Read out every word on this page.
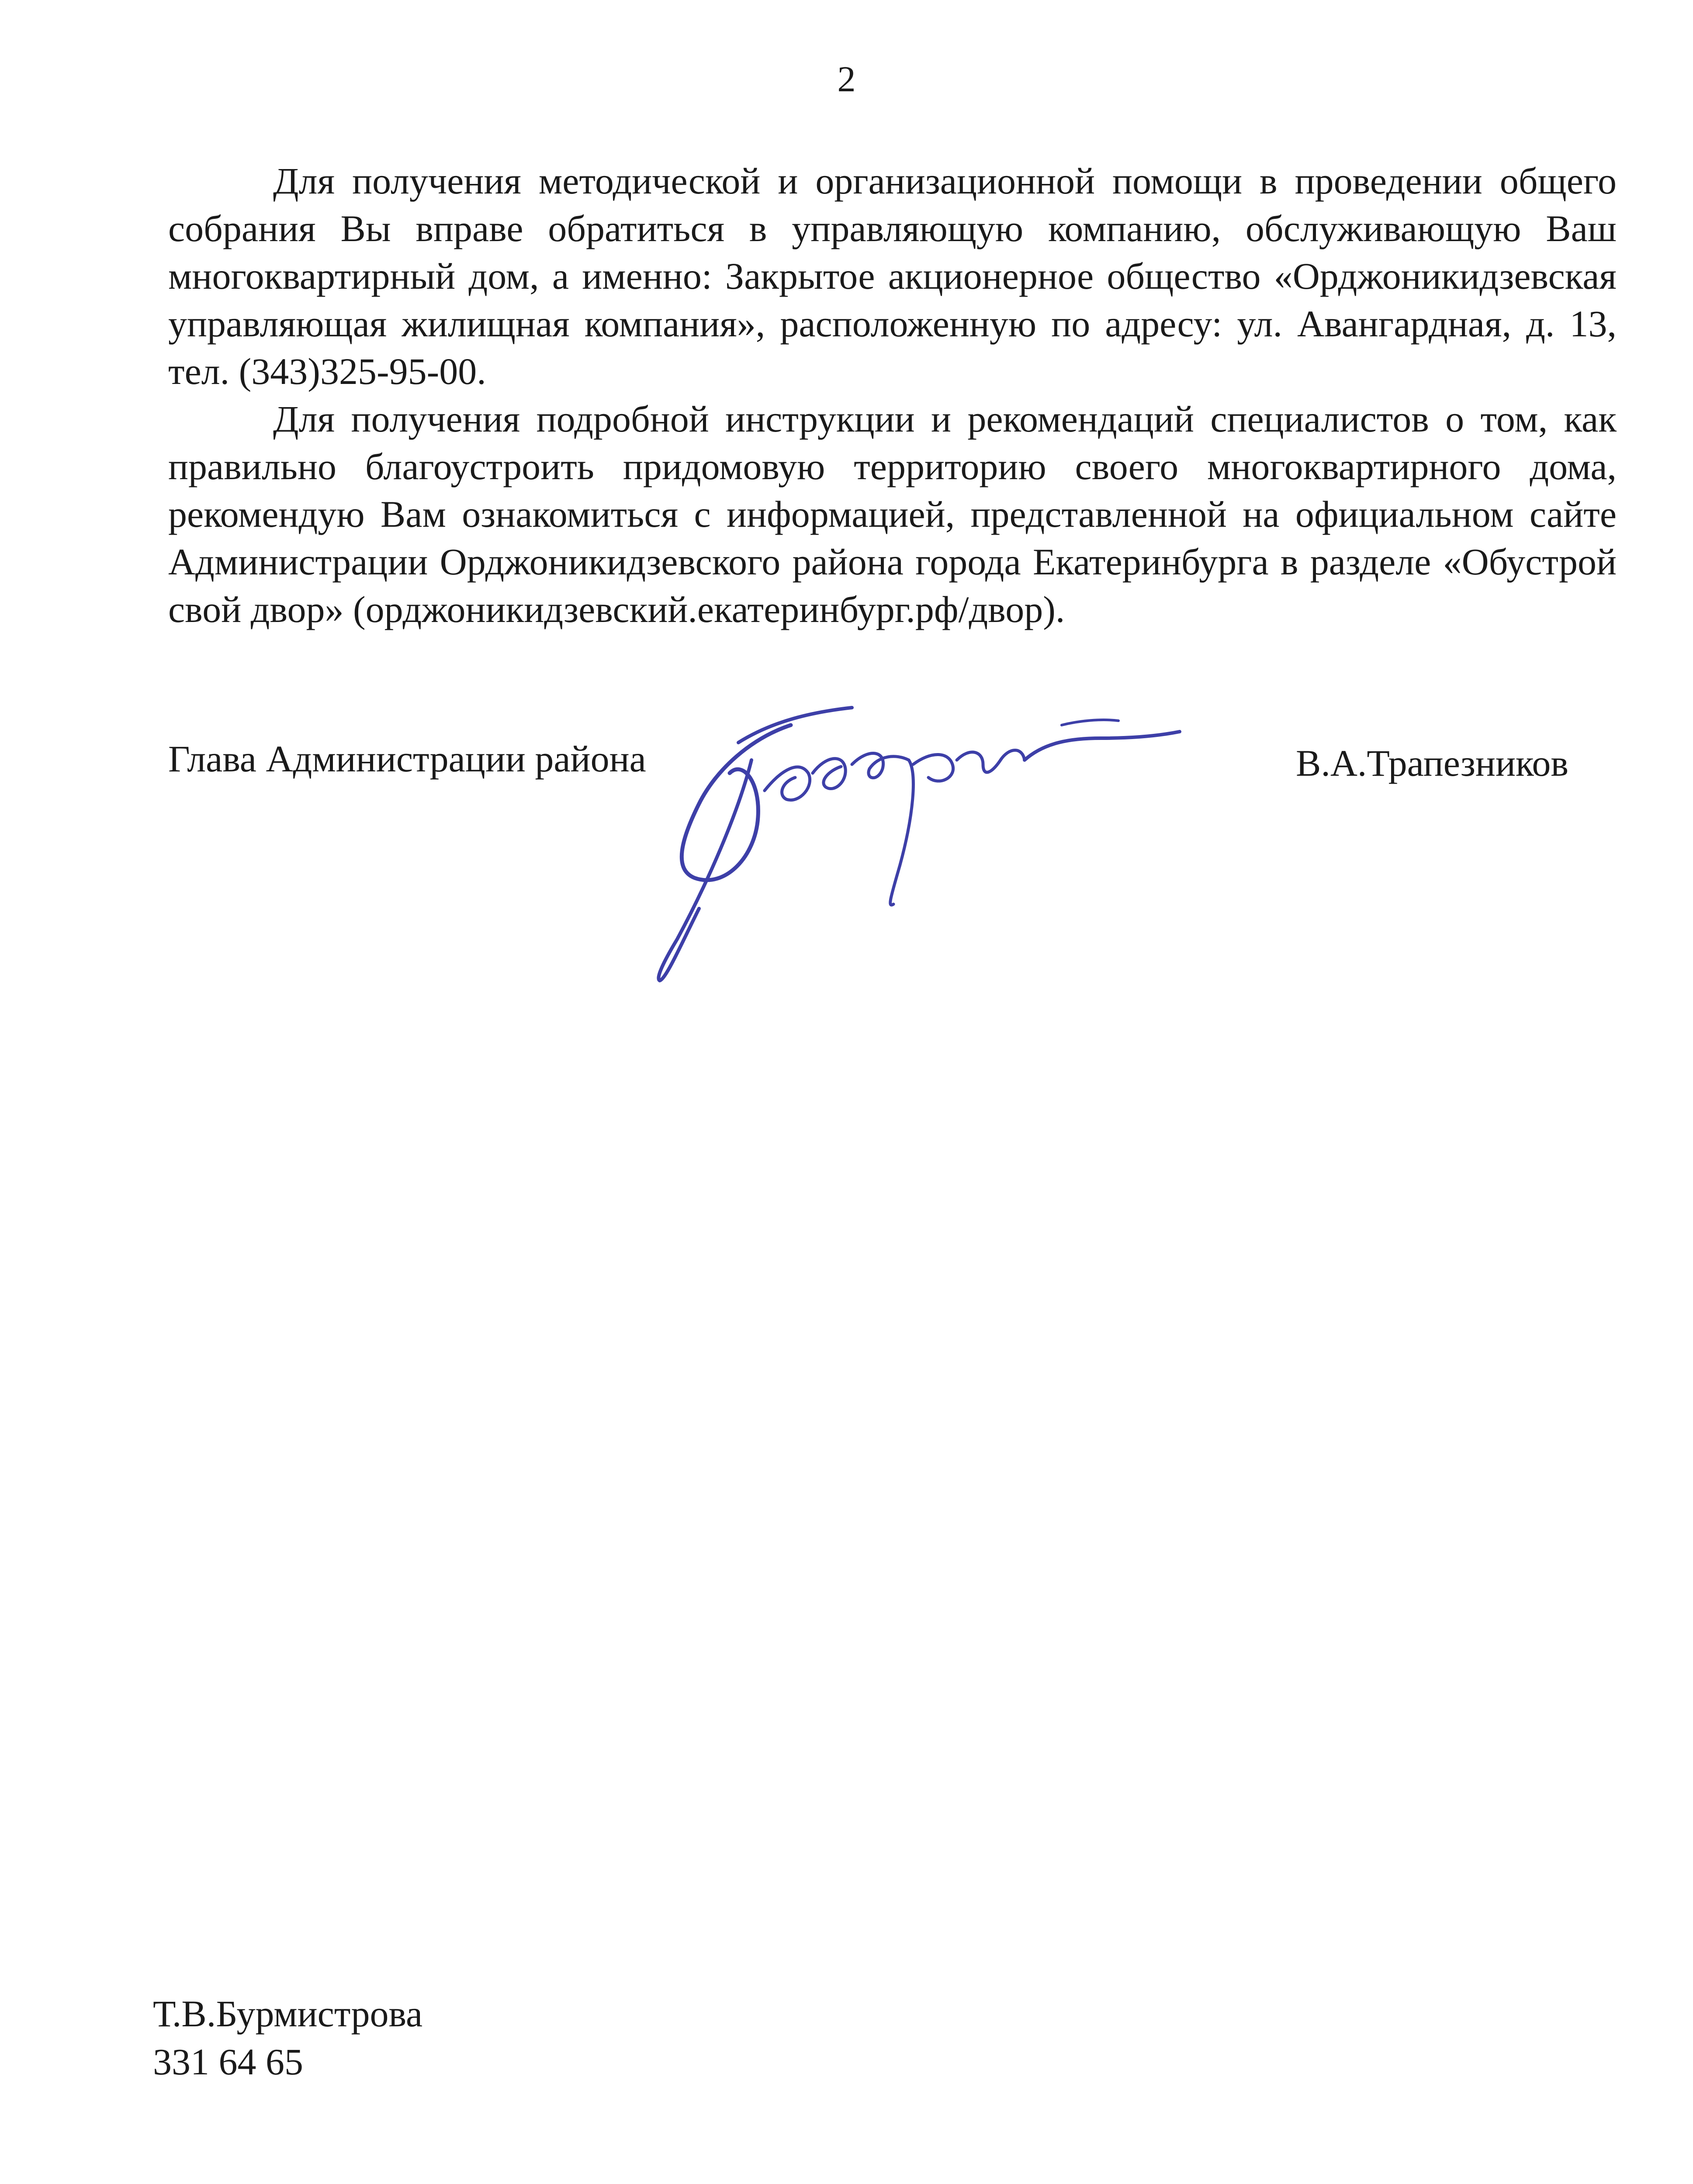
2

Для получения методической и организационной помощи в проведении общего собрания Вы вправе обратиться в управляющую компанию, обслуживающую Ваш многоквартирный дом, а именно: Закрытое акционерное общество «Орджоникидзевская управляющая жилищная компания», расположенную по адресу: ул. Авангардная, д. 13, тел. (343)325-95-00.

Для получения подробной инструкции и рекомендаций специалистов о том, как правильно благоустроить придомовую территорию своего многоквартирного дома, рекомендую Вам ознакомиться с информацией, представленной на официальном сайте Администрации Орджоникидзевского района города Екатеринбурга в разделе «Обустрой свой двор» (орджоникидзевский.екатеринбург.рф/двор).

Глава Администрации района	В.А.Трапезников
Т.В.Бурмистрова
331 64 65
